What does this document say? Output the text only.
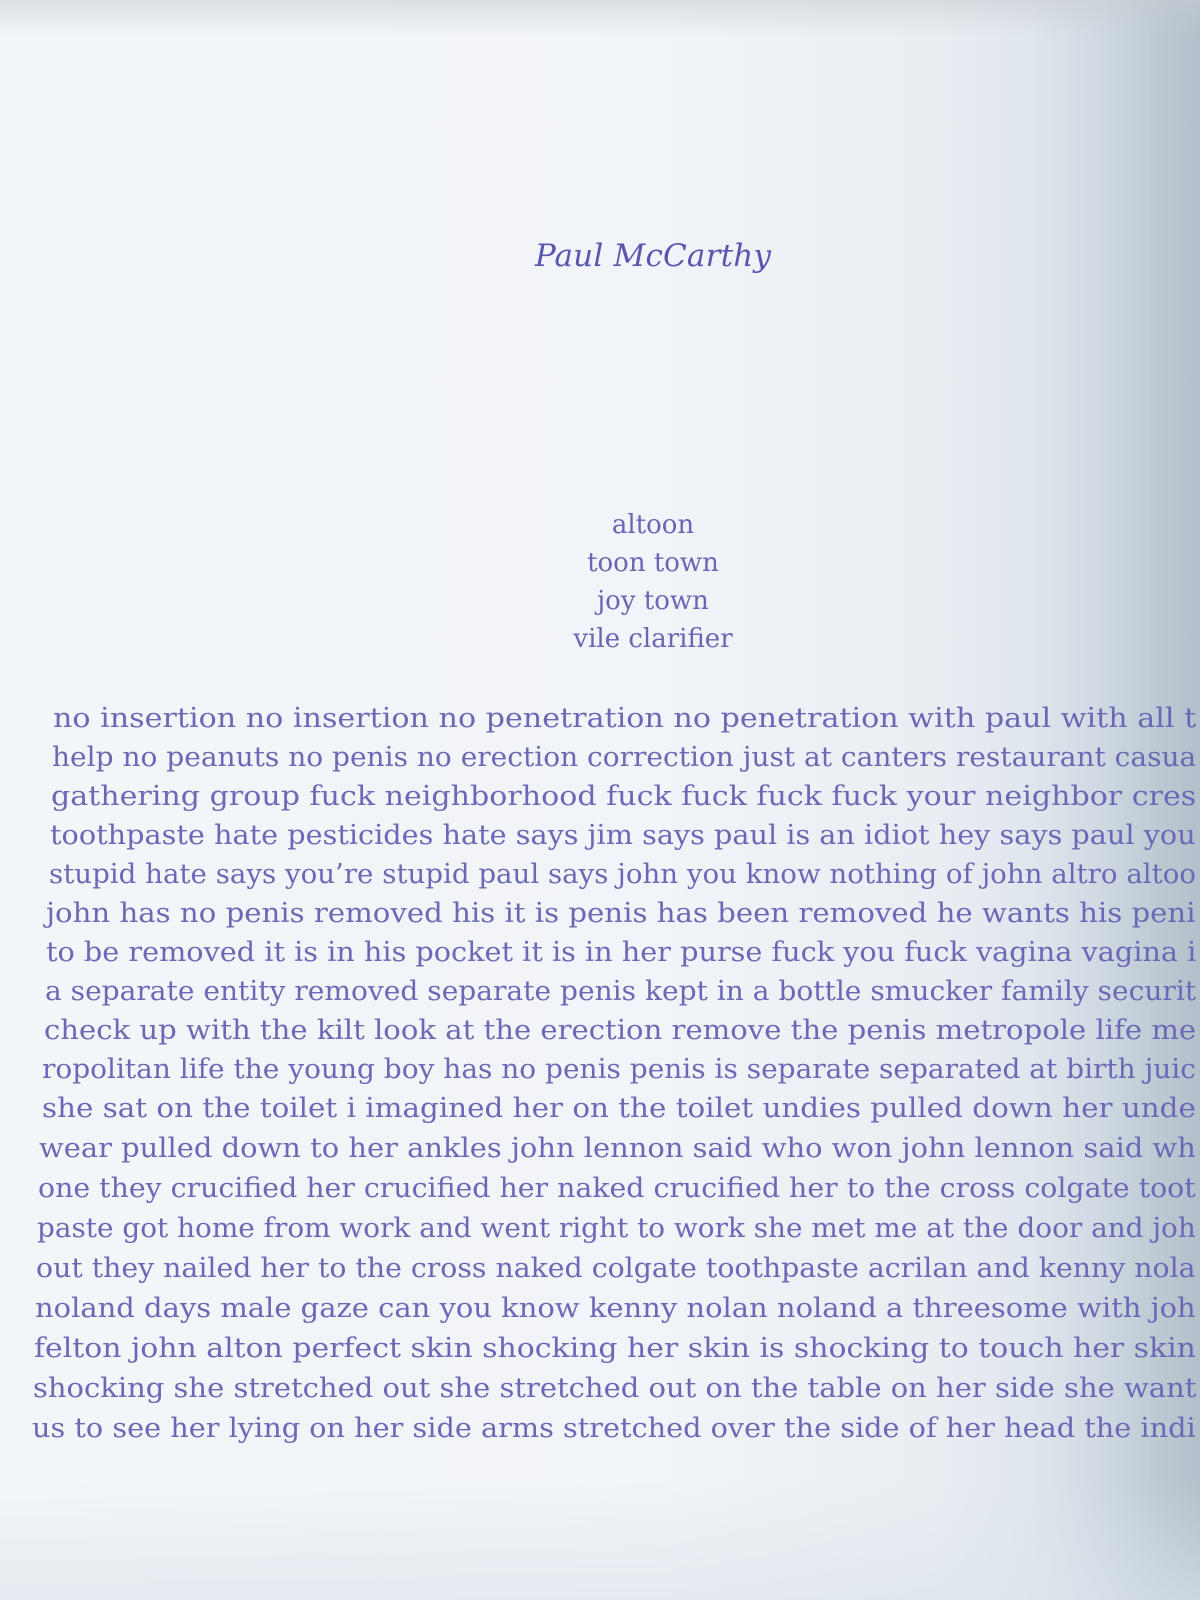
Paul McCarthy
altoon
toon town
joy town
vile clarifier
no insertion no insertion no penetration no penetration with paul with all t
help no peanuts no penis no erection correction just at canters restaurant casua
gathering group fuck neighborhood fuck fuck fuck fuck your neighbor cres
toothpaste hate pesticides hate says jim says paul is an idiot hey says paul you
stupid hate says you’re stupid paul says john you know nothing of john altro altoo
john has no penis removed his it is penis has been removed he wants his peni
to be removed it is in his pocket it is in her purse fuck you fuck vagina vagina i
a separate entity removed separate penis kept in a bottle smucker family securit
check up with the kilt look at the erection remove the penis metropole life me
ropolitan life the young boy has no penis penis is separate separated at birth juic
she sat on the toilet i imagined her on the toilet undies pulled down her unde
wear pulled down to her ankles john lennon said who won john lennon said wh
one they crucified her crucified her naked crucified her to the cross colgate toot
paste got home from work and went right to work she met me at the door and joh
out they nailed her to the cross naked colgate toothpaste acrilan and kenny nola
noland days male gaze can you know kenny nolan noland a threesome with joh
felton john alton perfect skin shocking her skin is shocking to touch her skin
shocking she stretched out she stretched out on the table on her side she want
us to see her lying on her side arms stretched over the side of her head the indi
